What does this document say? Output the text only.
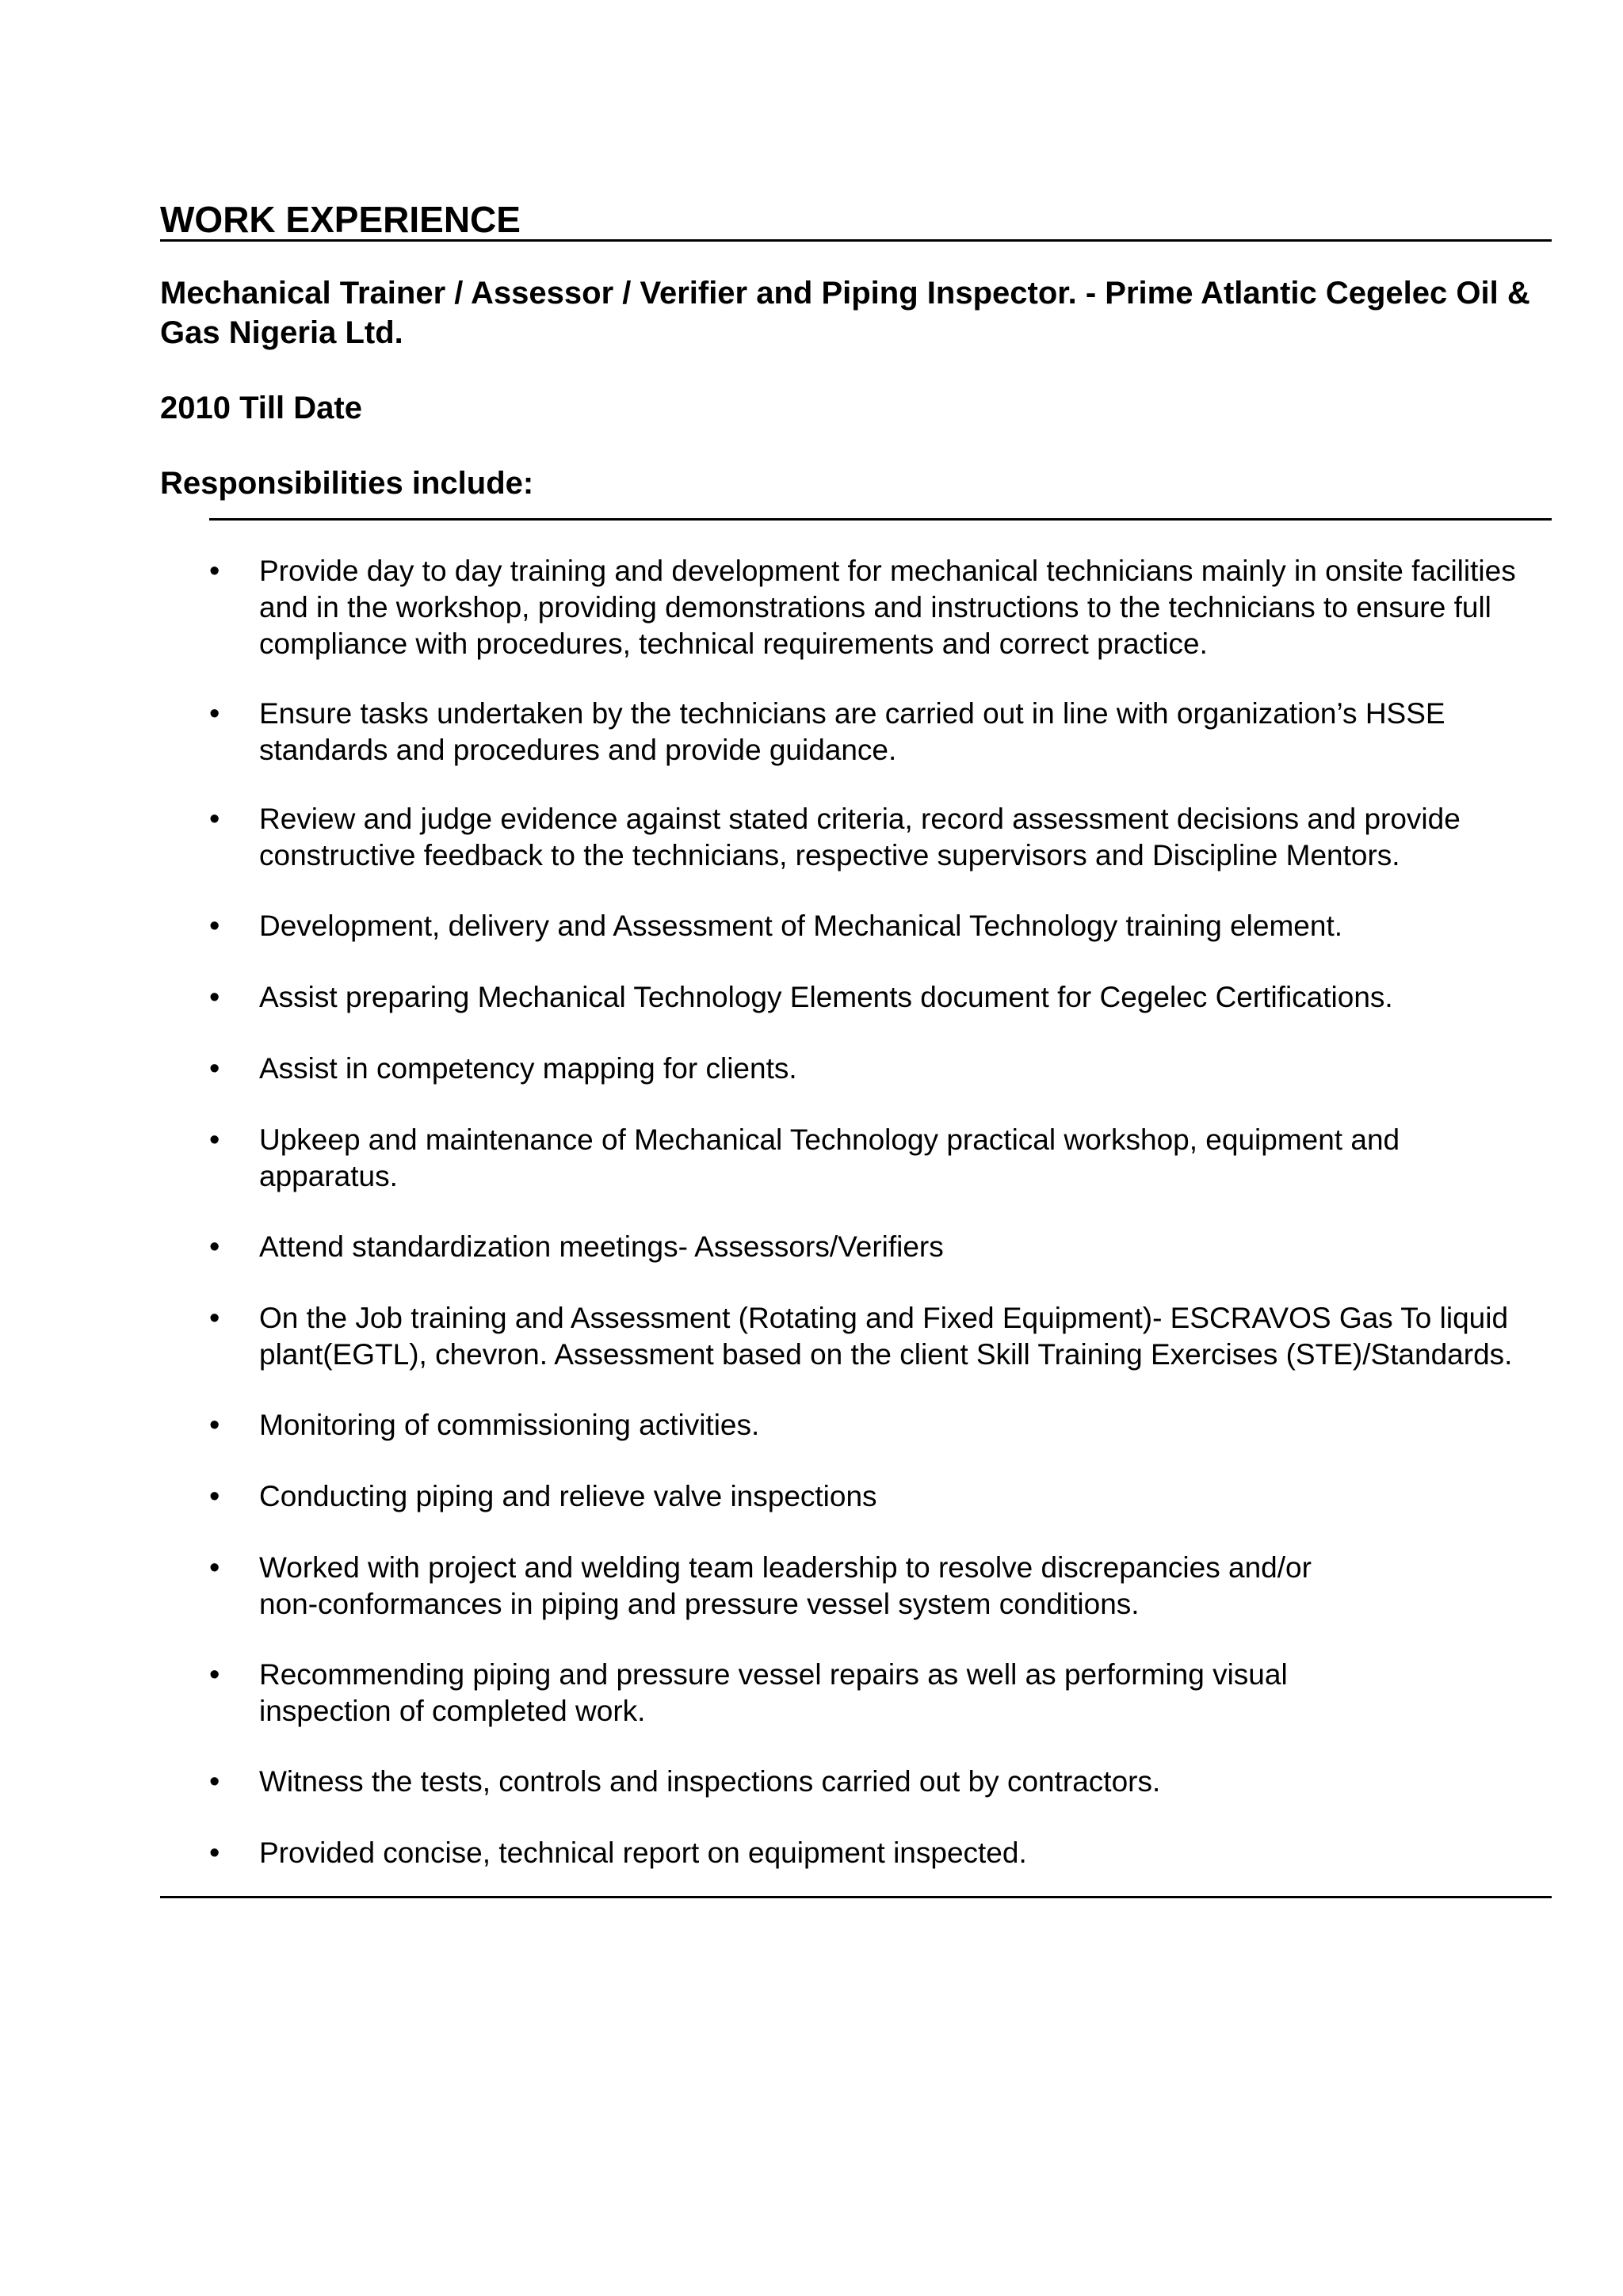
WORK EXPERIENCE
Mechanical Trainer / Assessor / Verifier and Piping Inspector. - Prime Atlantic Cegelec Oil & Gas Nigeria Ltd.
2010 Till Date
Responsibilities include:
•	Provide day to day training and development for mechanical technicians mainly in onsite facilities
and in the workshop, providing demonstrations and instructions to the technicians to ensure full
compliance with procedures, technical requirements and correct practice.
•	Ensure tasks undertaken by the technicians are carried out in line with organization’s HSSE
standards and procedures and provide guidance.
•	Review and judge evidence against stated criteria, record assessment decisions and provide
constructive feedback to the technicians, respective supervisors and Discipline Mentors.
•	Development, delivery and Assessment of Mechanical Technology training element.
•	Assist preparing Mechanical Technology Elements document for Cegelec Certifications.
•	Assist in competency mapping for clients.
•	Upkeep and maintenance of Mechanical Technology practical workshop, equipment and
apparatus.
•	Attend standardization meetings- Assessors/Verifiers
•	On the Job training and Assessment (Rotating and Fixed Equipment)- ESCRAVOS Gas To liquid
plant(EGTL), chevron. Assessment based on the client Skill Training Exercises (STE)/Standards.
•	Monitoring of commissioning activities.
•	Conducting piping and relieve valve inspections
•	Worked with project and welding team leadership to resolve discrepancies and/or
non-conformances in piping and pressure vessel system conditions.
•	Recommending piping and pressure vessel repairs as well as performing visual
inspection of completed work.
•	Witness the tests, controls and inspections carried out by contractors.
•	Provided concise, technical report on equipment inspected.
